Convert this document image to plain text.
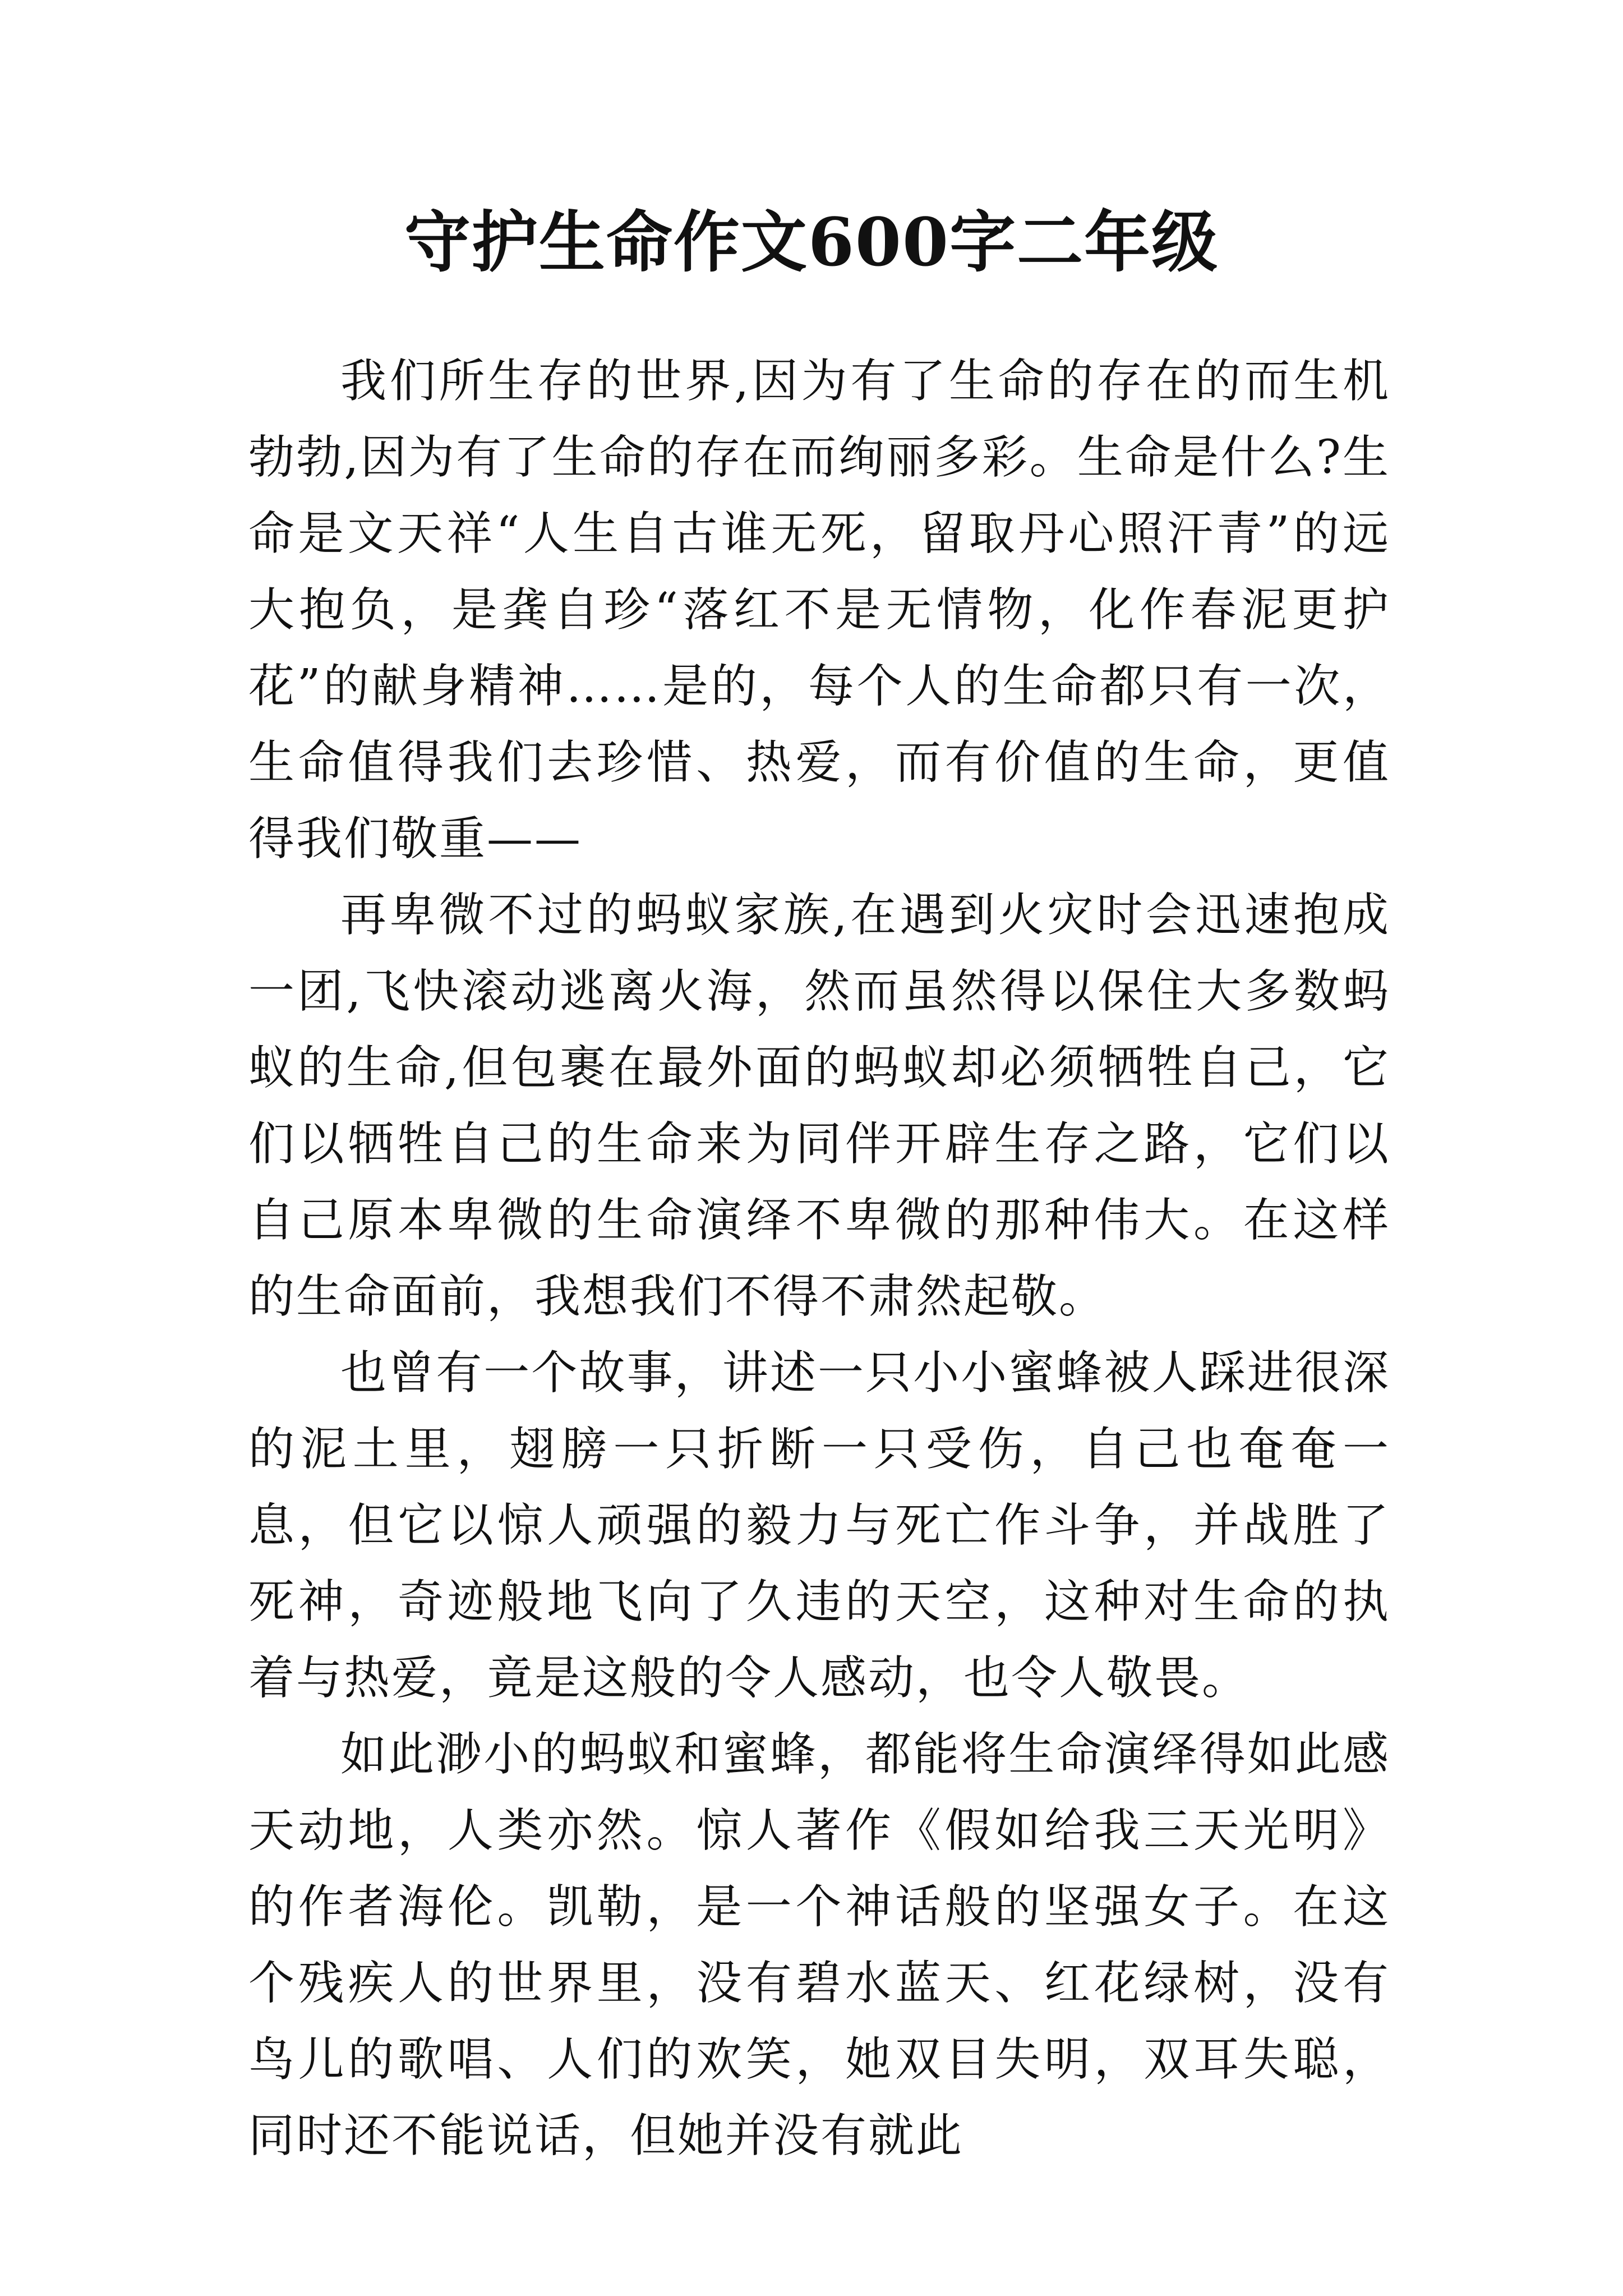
守护生命作文600字二年级

我们所生存的世界,因为有了生命的存在的而生机勃勃,因为有了生命的存在而绚丽多彩。生命是什么?生命是文天祥“人生自古谁无死，留取丹心照汗青”的远大抱负，是龚自珍“落红不是无情物，化作春泥更护花”的献身精神……是的，每个人的生命都只有一次，生命值得我们去珍惜、热爱，而有价值的生命，更值得我们敬重——

再卑微不过的蚂蚁家族,在遇到火灾时会迅速抱成一团,飞快滚动逃离火海，然而虽然得以保住大多数蚂蚁的生命,但包裹在最外面的蚂蚁却必须牺牲自己，它们以牺牲自己的生命来为同伴开辟生存之路，它们以自己原本卑微的生命演绎不卑微的那种伟大。在这样的生命面前，我想我们不得不肃然起敬。

也曾有一个故事，讲述一只小小蜜蜂被人踩进很深的泥土里，翅膀一只折断一只受伤，自己也奄奄一息，但它以惊人顽强的毅力与死亡作斗争，并战胜了死神，奇迹般地飞向了久违的天空，这种对生命的执着与热爱，竟是这般的令人感动，也令人敬畏。

如此渺小的蚂蚁和蜜蜂，都能将生命演绎得如此感天动地，人类亦然。惊人著作《假如给我三天光明》的作者海伦。凯勒，是一个神话般的坚强女子。在这个残疾人的世界里，没有碧水蓝天、红花绿树，没有鸟儿的歌唱、人们的欢笑，她双目失明，双耳失聪，同时还不能说话，但她并没有就此
